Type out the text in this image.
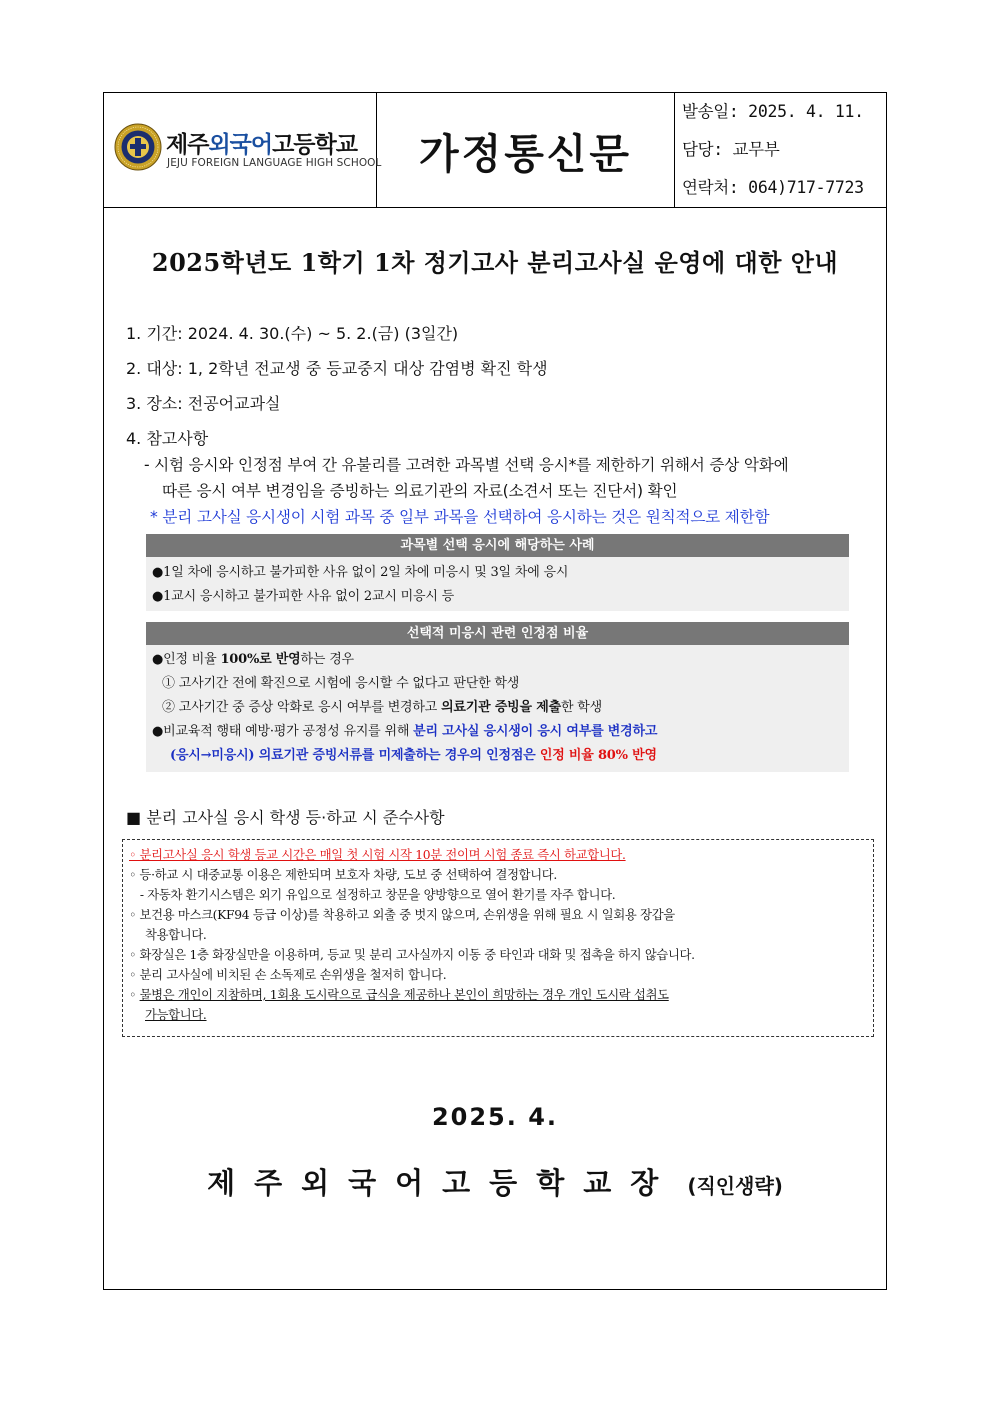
제주외국어고등학교
JEJU FOREIGN LANGUAGE HIGH SCHOOL 가정통신문
발송일: 2025. 4. 11.
담당: 교무부
연락처: 064)717-7723
2025학년도 1학기 1차 정기고사 분리고사실 운영에 대한 안내
1. 기간: 2024. 4. 30.(수) ~ 5. 2.(금) (3일간)
2. 대상: 1, 2학년 전교생 중 등교중지 대상 감염병 확진 학생
3. 장소: 전공어교과실
4. 참고사항
- 시험 응시와 인정점 부여 간 유불리를 고려한 과목별 선택 응시*를 제한하기 위해서 증상 악화에
따른 응시 여부 변경임을 증빙하는 의료기관의 자료(소견서 또는 진단서) 확인
* 분리 고사실 응시생이 시험 과목 중 일부 과목을 선택하여 응시하는 것은 원칙적으로 제한함
과목별 선택 응시에 해당하는 사례
●1일 차에 응시하고 불가피한 사유 없이 2일 차에 미응시 및 3일 차에 응시
●1교시 응시하고 불가피한 사유 없이 2교시 미응시 등
선택적 미응시 관련 인정점 비율
●인정 비율 100%로 반영하는 경우
① 고사기간 전에 확진으로 시험에 응시할 수 없다고 판단한 학생
② 고사기간 중 증상 악화로 응시 여부를 변경하고 의료기관 증빙을 제출한 학생
●비교육적 행태 예방·평가 공정성 유지를 위해 분리 고사실 응시생이 응시 여부를 변경하고
(응시→미응시) 의료기관 증빙서류를 미제출하는 경우의 인정점은 인정 비율 80% 반영
■ 분리 고사실 응시 학생 등·하교 시 준수사항
◦ 분리고사실 응시 학생 등교 시간은 매일 첫 시험 시작 10분 전이며 시험 종료 즉시 하교합니다.
◦ 등·하교 시 대중교통 이용은 제한되며 보호자 차량, 도보 중 선택하여 결정합니다.
- 자동차 환기시스템은 외기 유입으로 설정하고 창문을 양방향으로 열어 환기를 자주 합니다.
◦ 보건용 마스크(KF94 등급 이상)를 착용하고 외출 중 벗지 않으며, 손위생을 위해 필요 시 일회용 장갑을
착용합니다.
◦ 화장실은 1층 화장실만을 이용하며, 등교 및 분리 고사실까지 이동 중 타인과 대화 및 접촉을 하지 않습니다.
◦ 분리 고사실에 비치된 손 소독제로 손위생을 철저히 합니다.
◦ 물병은 개인이 지참하며, 1회용 도시락으로 급식을 제공하나 본인이 희망하는 경우 개인 도시락 섭취도
가능합니다.
2025. 4.
제주외국어고등학교장 (직인생략)
